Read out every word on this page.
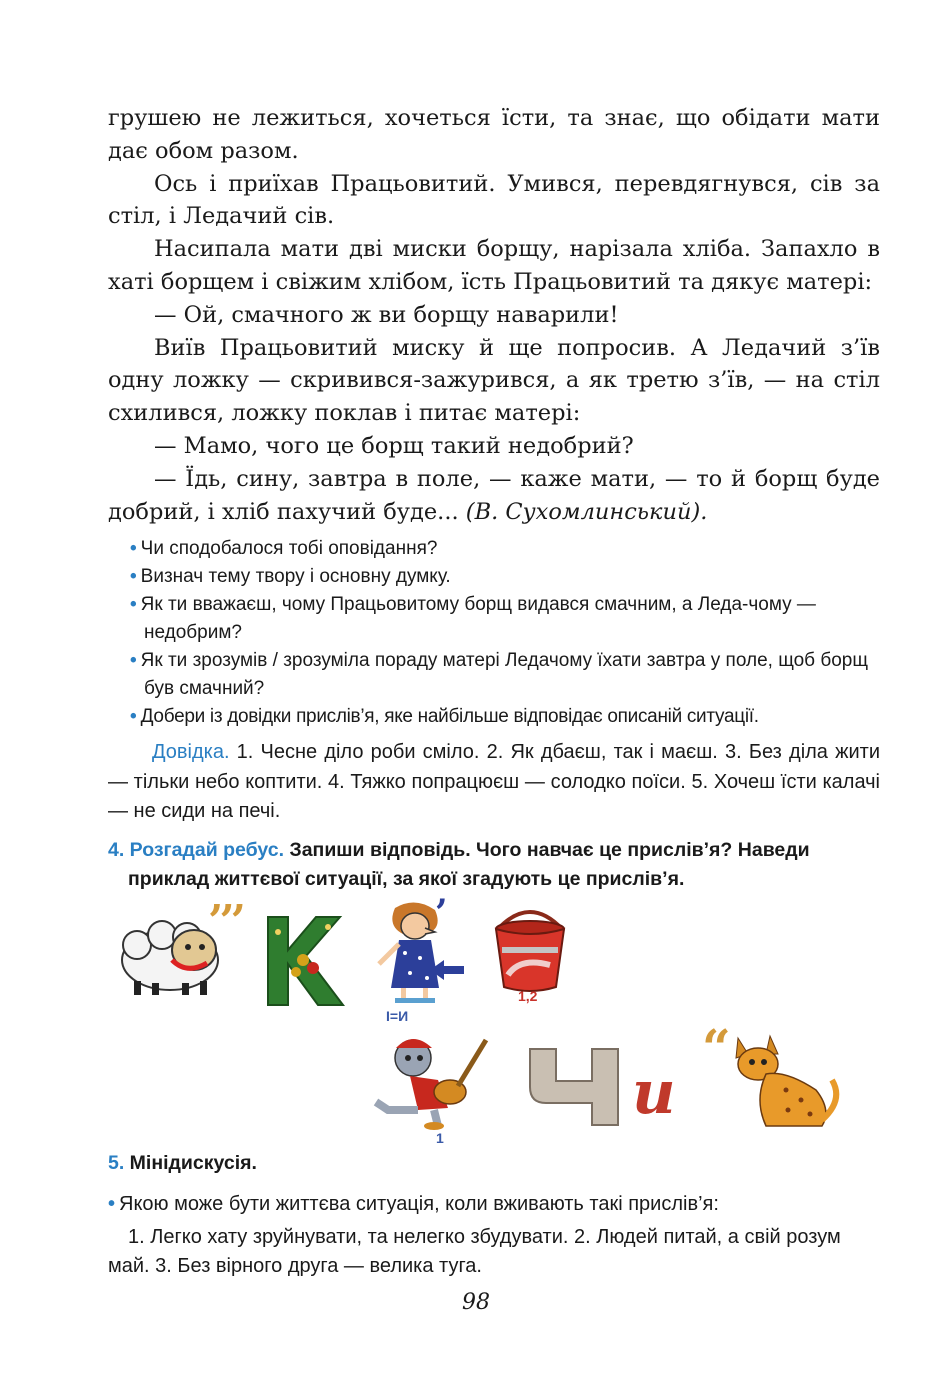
грушею не лежиться, хочеться їсти, та знає, що обідати мати дає обом разом.

Ось і приїхав Працьовитий. Умився, перевдягнувся, сів за стіл, і Ледачий сів.

Насипала мати дві миски борщу, нарізала хліба. Запахло в хаті борщем і свіжим хлібом, їсть Працьовитий та дякує матері:

— Ой, смачного ж ви борщу наварили!

Виїв Працьовитий миску й ще попросив. А Ледачий з’їв одну ложку — скривився-зажурився, а як третю з’їв, — на стіл схилився, ложку поклав і питає матері:

— Мамо, чого це борщ такий недобрий?

— Їдь, сину, завтра в поле, — каже мати, — то й борщ буде добрий, і хліб пахучий буде... (В. Сухомлинський).

• Чи сподобалося тобі оповідання?

• Визнач тему твору і основну думку.

• Як ти вважаєш, чому Працьовитому борщ видався смачним, а Леда-чому — недобрим?

• Як ти зрозумів / зрозуміла пораду матері Ледачому їхати завтра у поле, щоб борщ був смачний?

• Добери із довідки прислів’я, яке найбільше відповідає описаній ситуації.

Довідка. 1. Чесне діло роби сміло. 2. Як дбаєш, так і маєш. 3. Без діла жити — тільки небо коптити. 4. Тяжко попрацюєш — солодко поїси. 5. Хочеш їсти калачі — не сиди на печі.

4. Розгадай ребус. Запиши відповідь. Чого навчає це прислів’я? Наведи приклад життєвої ситуації, за якої згадують це прислів’я.

’’’	’
І=И
1,2
1
и
‘‘
5. Мінідискусія.

• Якою може бути життєва ситуація, коли вживають такі прислів’я:

1. Легко хату зруйнувати, та нелегко збудувати. 2. Людей питай, а свій розум май. 3. Без вірного друга — велика туга.

98
